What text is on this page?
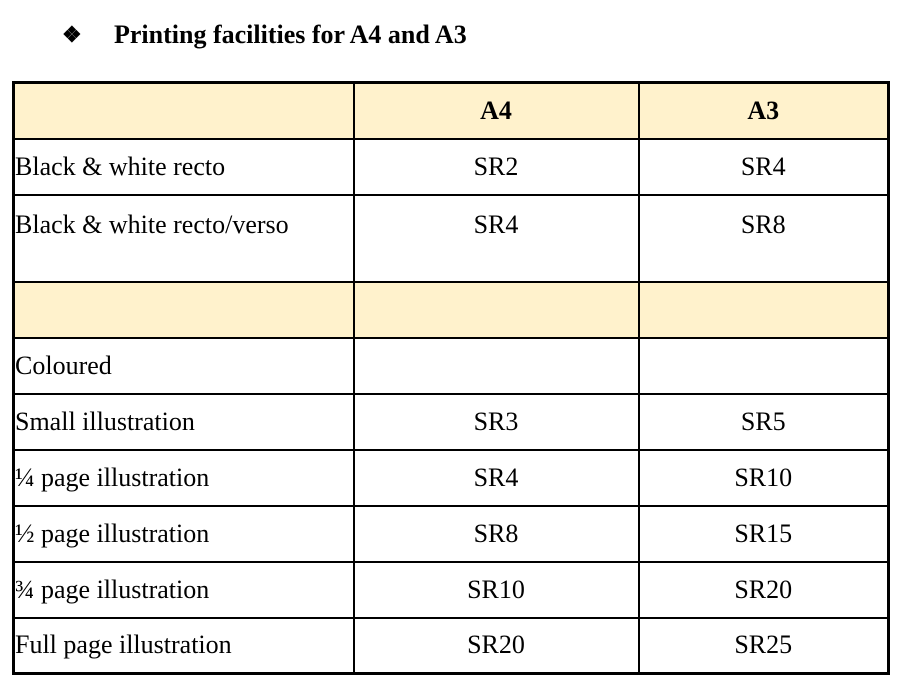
❖	Printing facilities for A4 and A3
	A4	A3
Black & white recto	SR2	SR4
Black & white recto/verso	SR4	SR8

Coloured		
Small illustration	SR3	SR5
¼ page illustration	SR4	SR10
½ page illustration	SR8	SR15
¾ page illustration	SR10	SR20
Full page illustration	SR20	SR25
